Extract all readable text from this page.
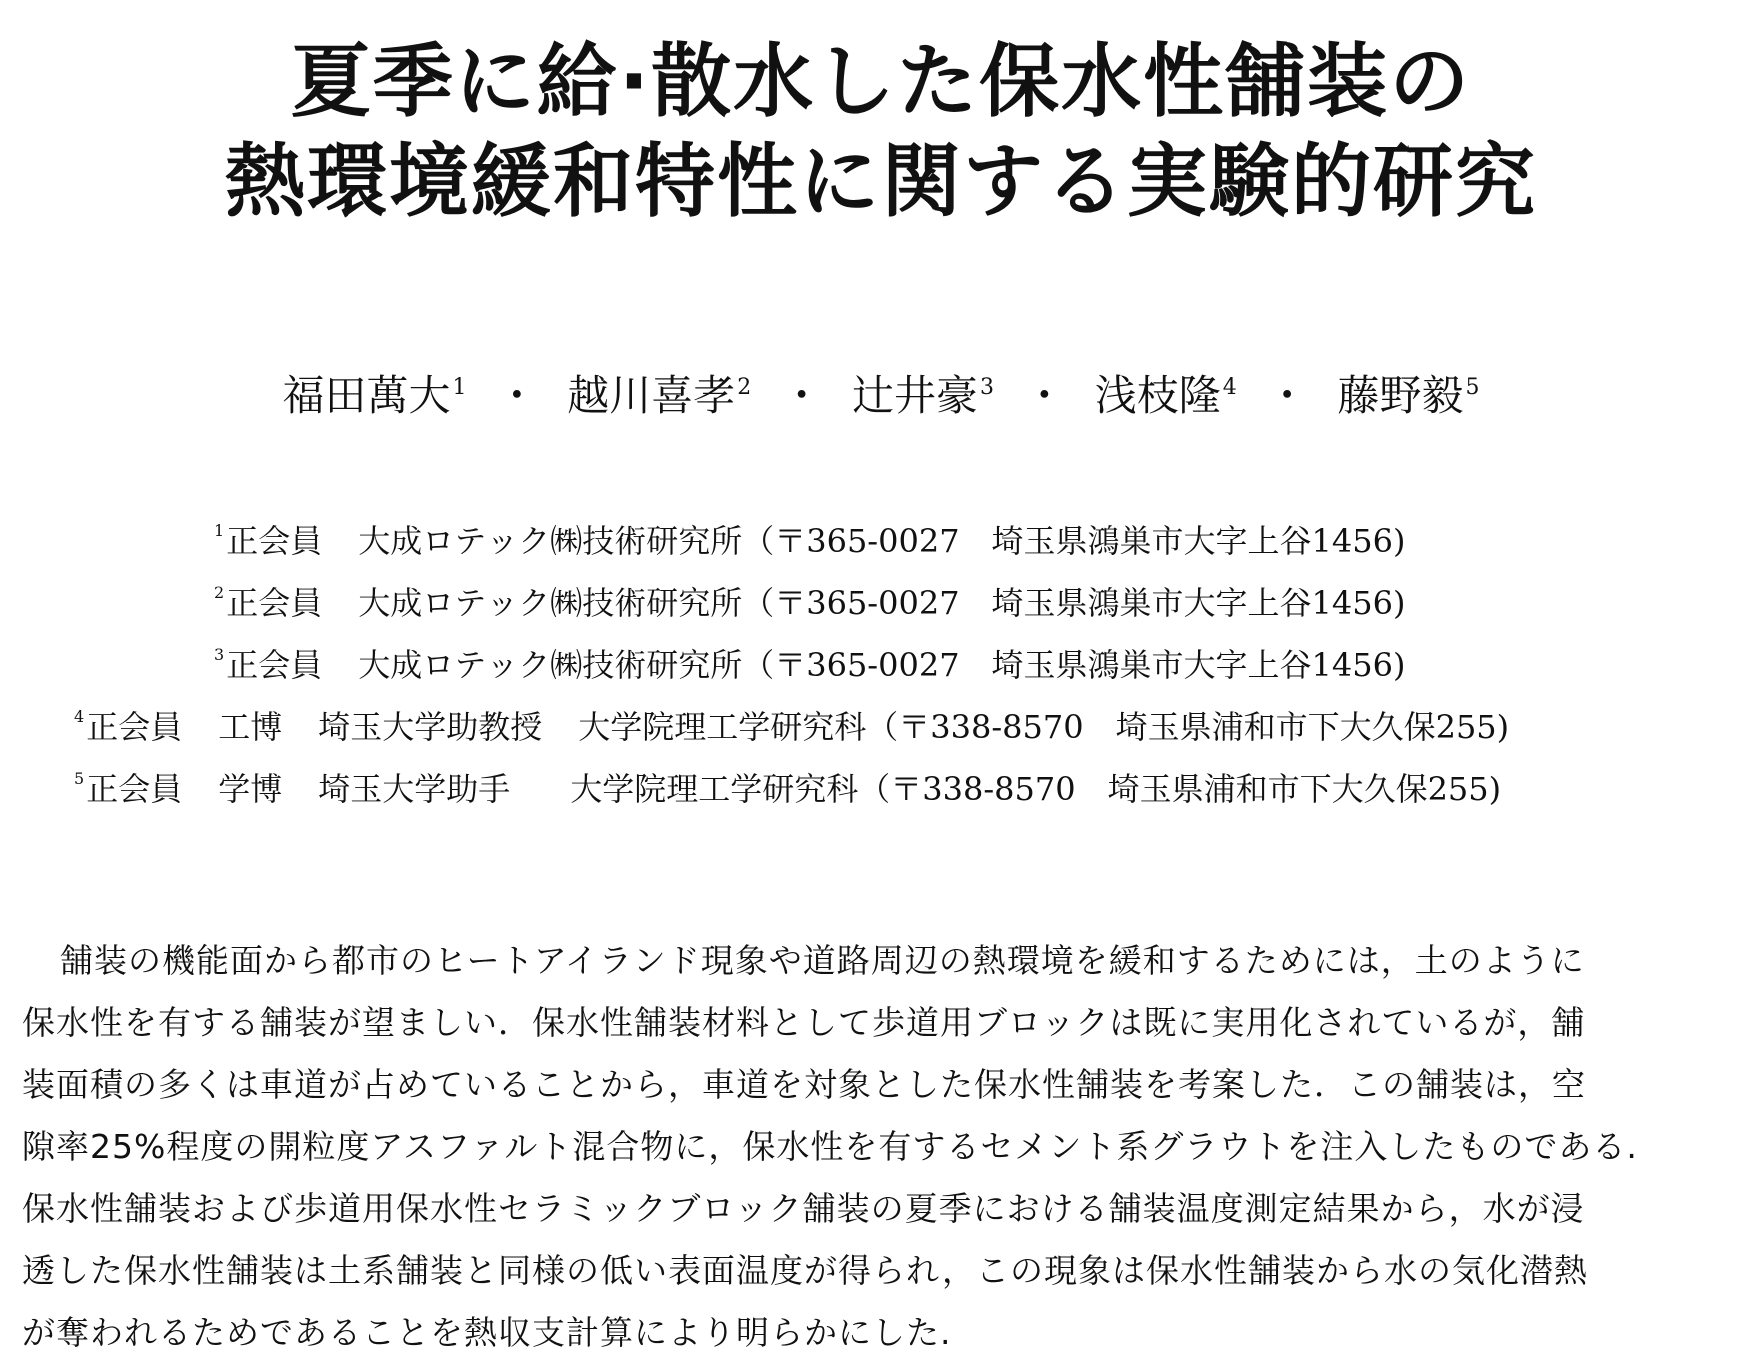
夏季に給·散水した保水性舗装の
熱環境緩和特性に関する実験的研究
福田萬大$^1$ ・ 越川喜孝$^2$ ・ 辻井豪$^3$ ・ 浅枝隆$^4$ ・ 藤野毅$^5$
$^1$正会員 大成ロテック㈱技術研究所（〒365-0027　埼玉県鴻巣市大字上谷1456)
$^2$正会員 大成ロテック㈱技術研究所（〒365-0027　埼玉県鴻巣市大字上谷1456)
$^3$正会員 大成ロテック㈱技術研究所（〒365-0027　埼玉県鴻巣市大字上谷1456)
$^4$正会員 工博 埼玉大学助教授 大学院理工学研究科（〒338-8570　埼玉県浦和市下大久保255)
$^5$正会員 学博 埼玉大学助手 大学院理工学研究科（〒338-8570　埼玉県浦和市下大久保255)
舗装の機能面から都市のヒートアイランド現象や道路周辺の熱環境を緩和するためには，土のように
保水性を有する舗装が望ましい．保水性舗装材料として歩道用ブロックは既に実用化されているが，舗
装面積の多くは車道が占めていることから，車道を対象とした保水性舗装を考案した．この舗装は，空
隙率25%程度の開粒度アスファルト混合物に，保水性を有するセメント系グラウトを注入したものである.
保水性舗装および歩道用保水性セラミックブロック舗装の夏季における舗装温度測定結果から，水が浸
透した保水性舗装は土系舗装と同様の低い表面温度が得られ，この現象は保水性舗装から水の気化潜熱
が奪われるためであることを熱収支計算により明らかにした.
